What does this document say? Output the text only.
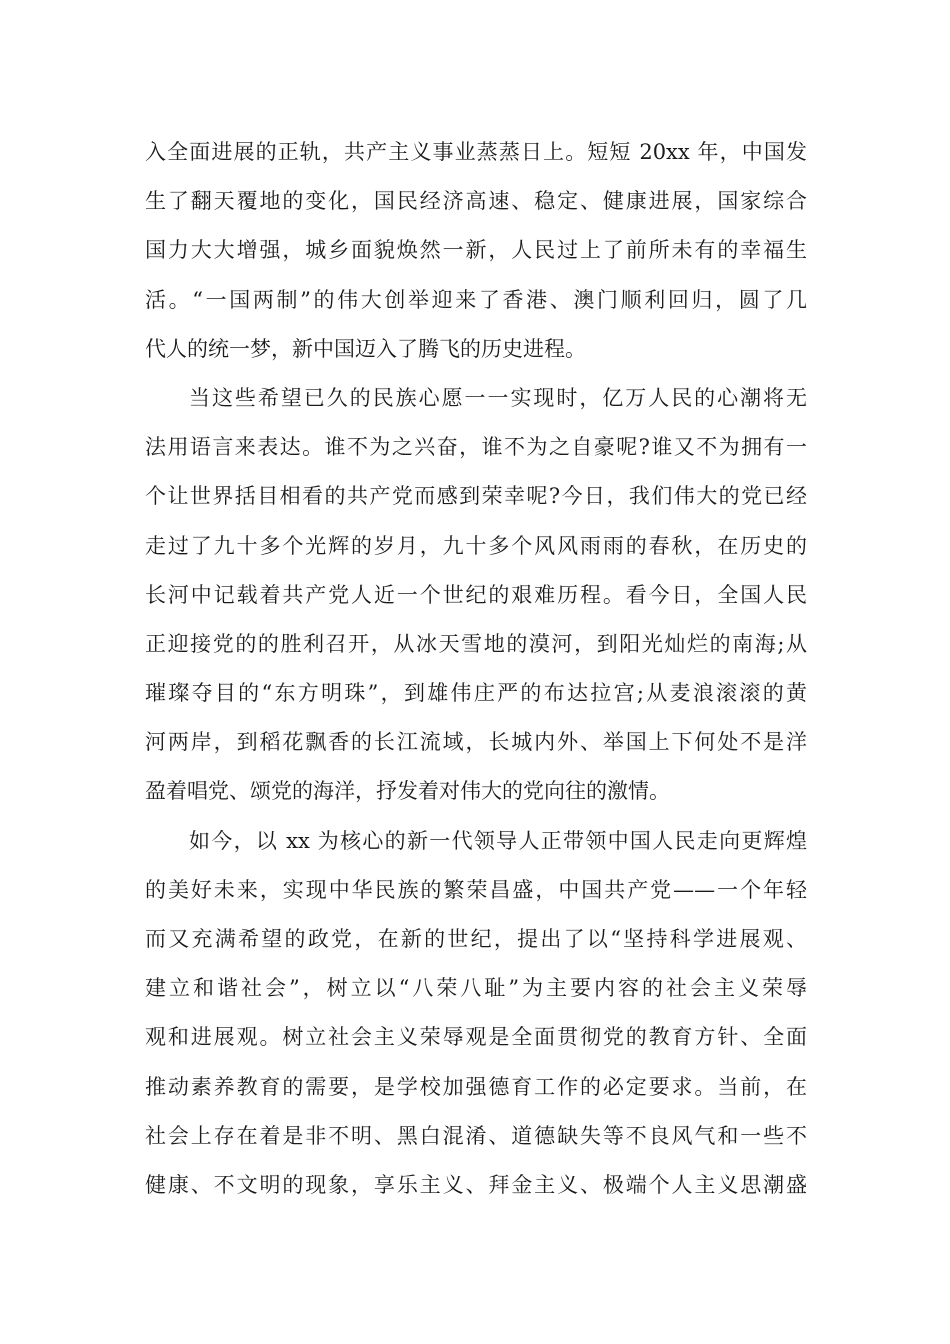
入全面进展的正轨，共产主义事业蒸蒸日上。短短 20xx 年，中国发
生了翻天覆地的变化，国民经济高速、稳定、健康进展，国家综合
国力大大增强，城乡面貌焕然一新，人民过上了前所未有的幸福生
活。“一国两制”的伟大创举迎来了香港、澳门顺利回归，圆了几
代人的统一梦，新中国迈入了腾飞的历史进程。
当这些希望已久的民族心愿一一实现时，亿万人民的心潮将无
法用语言来表达。谁不为之兴奋，谁不为之自豪呢?谁又不为拥有一
个让世界括目相看的共产党而感到荣幸呢?今日，我们伟大的党已经
走过了九十多个光辉的岁月，九十多个风风雨雨的春秋，在历史的
长河中记载着共产党人近一个世纪的艰难历程。看今日，全国人民
正迎接党的的胜利召开，从冰天雪地的漠河，到阳光灿烂的南海;从
璀璨夺目的“东方明珠”，到雄伟庄严的布达拉宫;从麦浪滚滚的黄
河两岸，到稻花飘香的长江流域，长城内外、举国上下何处不是洋
盈着唱党、颂党的海洋，抒发着对伟大的党向往的激情。
如今，以 xx 为核心的新一代领导人正带领中国人民走向更辉煌
的美好未来，实现中华民族的繁荣昌盛，中国共产党——一个年轻
而又充满希望的政党，在新的世纪，提出了以“坚持科学进展观、
建立和谐社会”，树立以“八荣八耻”为主要内容的社会主义荣辱
观和进展观。树立社会主义荣辱观是全面贯彻党的教育方针、全面
推动素养教育的需要，是学校加强德育工作的必定要求。当前，在
社会上存在着是非不明、黑白混淆、道德缺失等不良风气和一些不
健康、不文明的现象，享乐主义、拜金主义、极端个人主义思潮盛
